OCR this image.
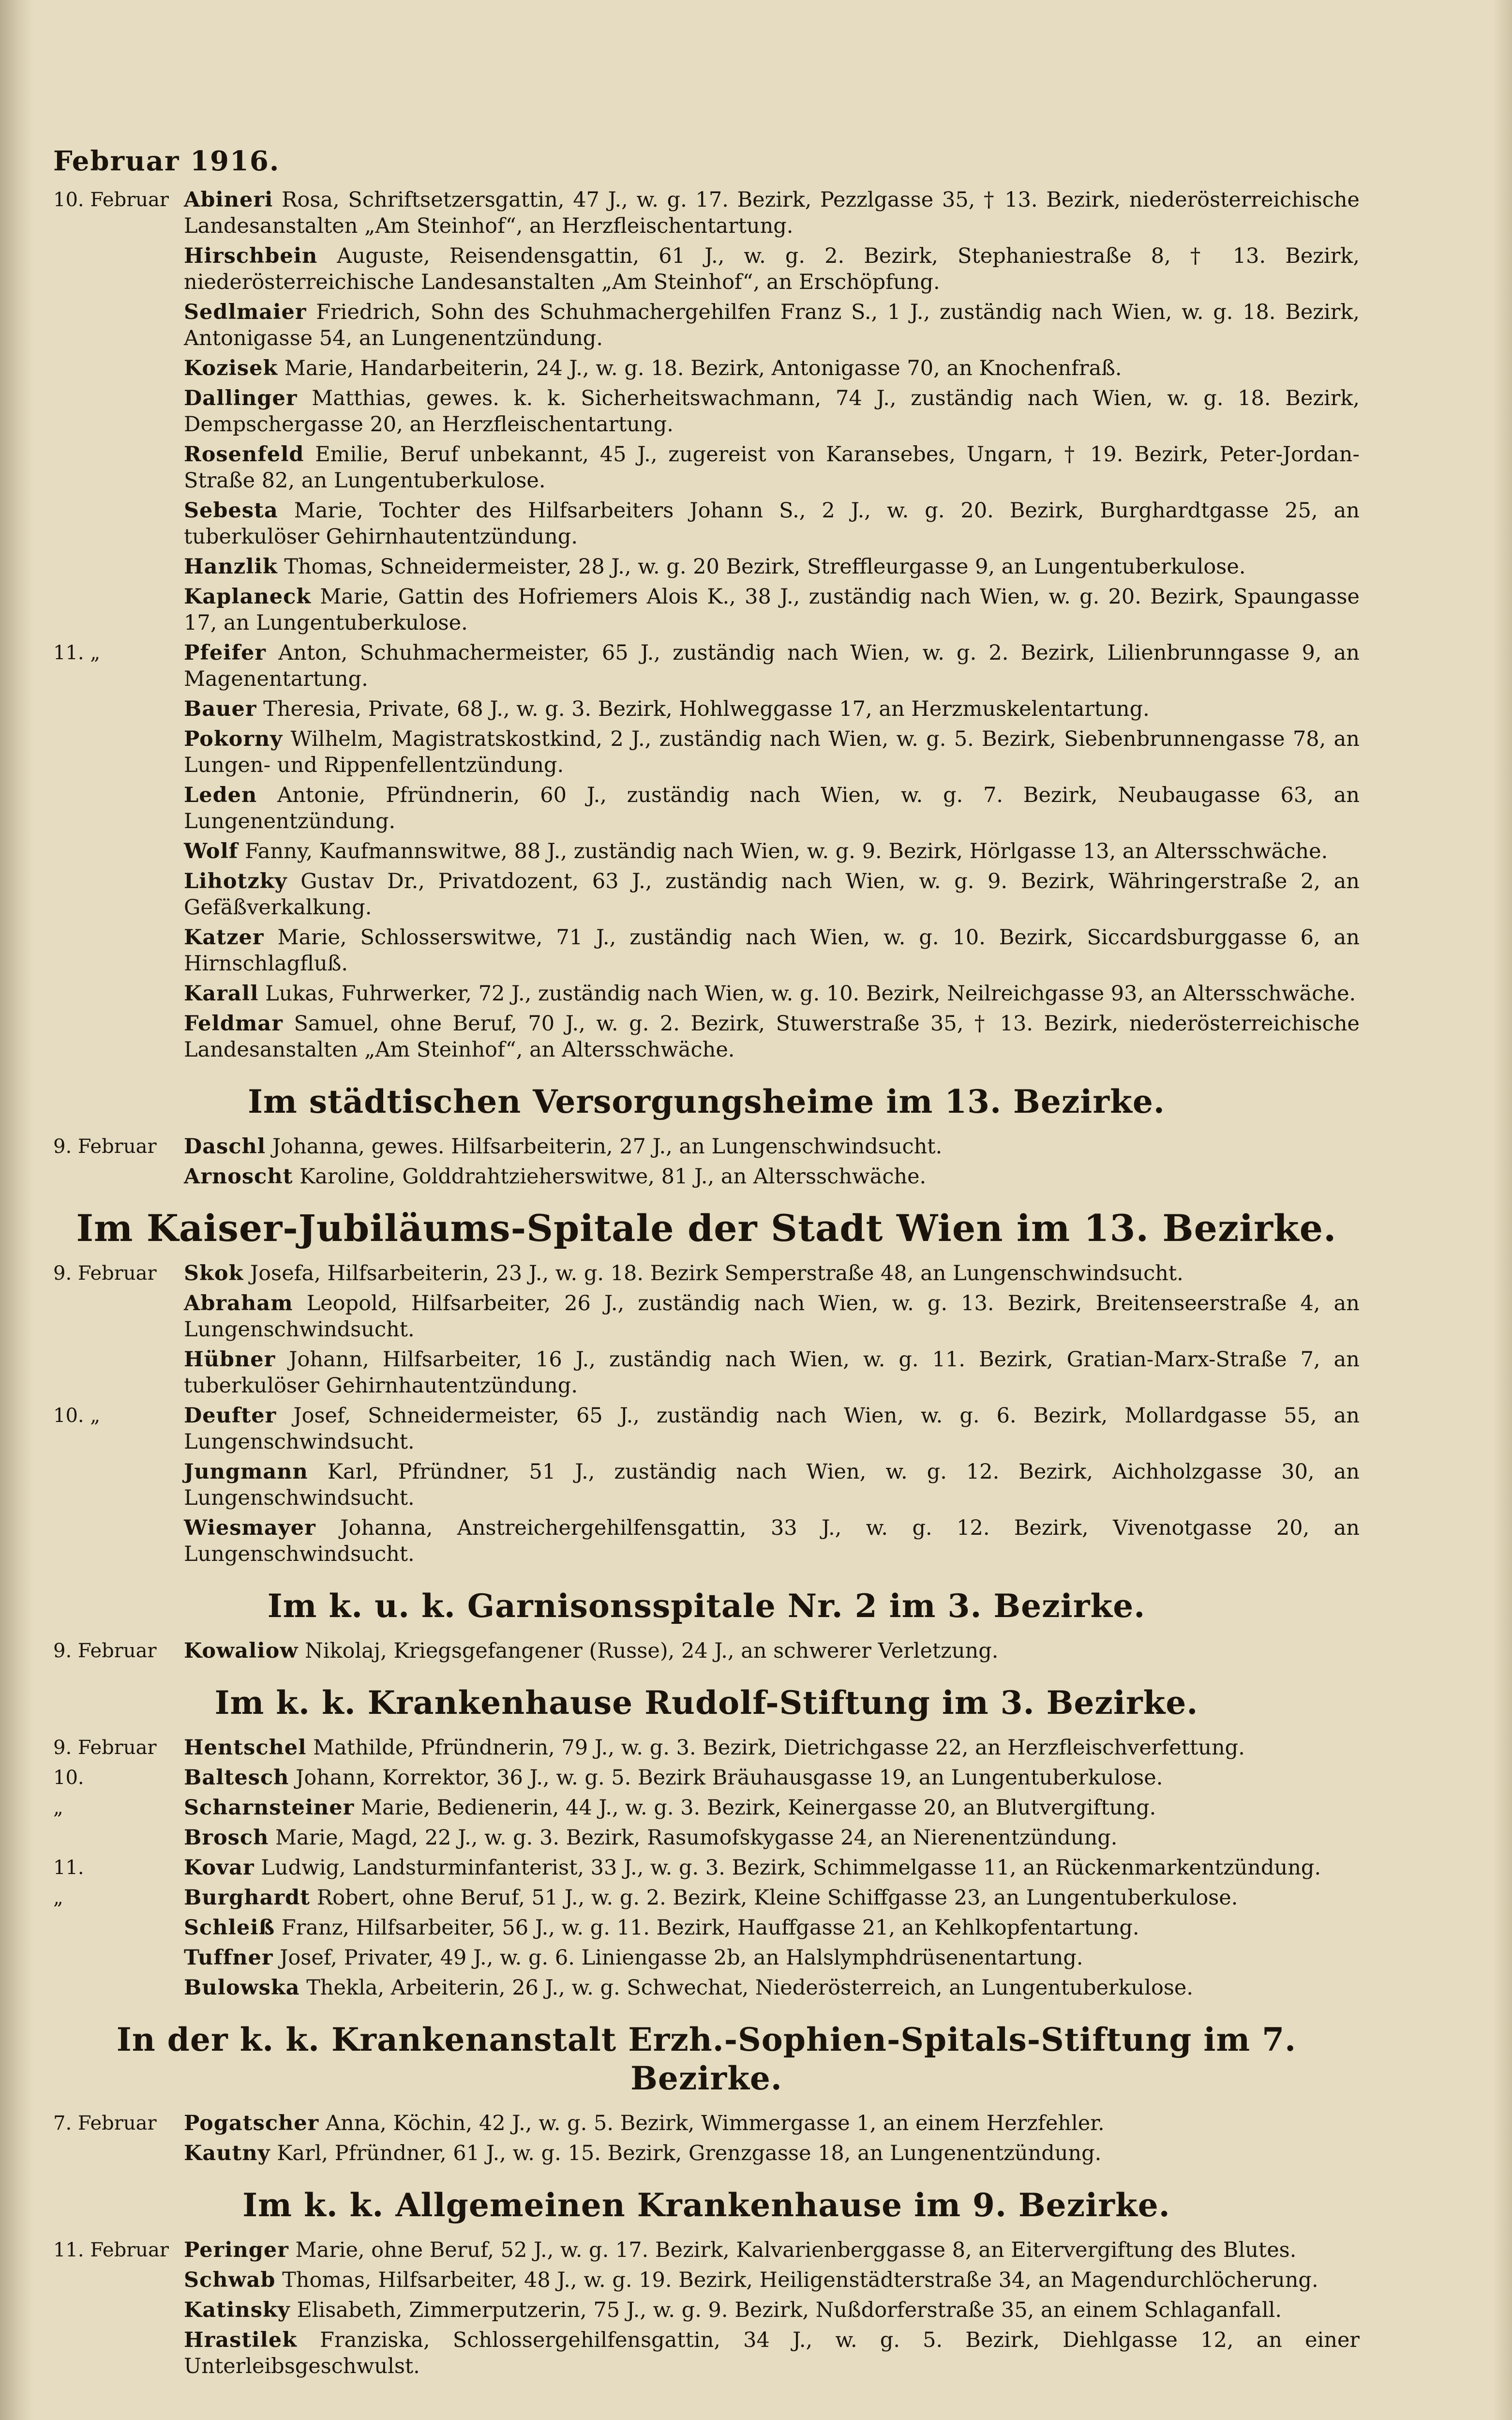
Februar 1916.
10. Februar Abineri Rosa, Schriftsetzersgattin, 47 J., w. g. 17. Bezirk, Pezzlgasse 35, † 13. Bezirk, niederösterreichische Landesanstalten „Am Steinhof“, an Herzfleischentartung.
Hirschbein Auguste, Reisendensgattin, 61 J., w. g. 2. Bezirk, Stephaniestraße 8, † 13. Bezirk, niederösterreichische Landesanstalten „Am Steinhof“, an Erschöpfung.
Sedlmaier Friedrich, Sohn des Schuhmachergehilfen Franz S., 1 J., zuständig nach Wien, w. g. 18. Bezirk, Antonigasse 54, an Lungenentzündung.
Kozisek Marie, Handarbeiterin, 24 J., w. g. 18. Bezirk, Antonigasse 70, an Knochenfraß.
Dallinger Matthias, gewes. k. k. Sicherheitswachmann, 74 J., zuständig nach Wien, w. g. 18. Bezirk, Dempschergasse 20, an Herzfleischentartung.
Rosenfeld Emilie, Beruf unbekannt, 45 J., zugereist von Karansebes, Ungarn, † 19. Bezirk, Peter-Jordan-Straße 82, an Lungentuberkulose.
Sebesta Marie, Tochter des Hilfsarbeiters Johann S., 2 J., w. g. 20. Bezirk, Burghardtgasse 25, an tuberkulöser Gehirnhautentzündung.
Hanzlik Thomas, Schneidermeister, 28 J., w. g. 20 Bezirk, Streffleurgasse 9, an Lungentuberkulose.
Kaplaneck Marie, Gattin des Hofriemers Alois K., 38 J., zuständig nach Wien, w. g. 20. Bezirk, Spaungasse 17, an Lungentuberkulose.
11. „	Pfeifer Anton, Schuhmachermeister, 65 J., zuständig nach Wien, w. g. 2. Bezirk, Lilienbrunngasse 9, an Magenentartung.
Bauer Theresia, Private, 68 J., w. g. 3. Bezirk, Hohlweggasse 17, an Herzmuskelentartung.
Pokorny Wilhelm, Magistratskostkind, 2 J., zuständig nach Wien, w. g. 5. Bezirk, Siebenbrunnengasse 78, an Lungen- und Rippenfellentzündung.
Leden Antonie, Pfründnerin, 60 J., zuständig nach Wien, w. g. 7. Bezirk, Neubaugasse 63, an Lungenentzündung.
Wolf Fanny, Kaufmannswitwe, 88 J., zuständig nach Wien, w. g. 9. Bezirk, Hörlgasse 13, an Altersschwäche.
Lihotzky Gustav Dr., Privatdozent, 63 J., zuständig nach Wien, w. g. 9. Bezirk, Währingerstraße 2, an Gefäßverkalkung.
Katzer Marie, Schlosserswitwe, 71 J., zuständig nach Wien, w. g. 10. Bezirk, Siccardsburggasse 6, an Hirnschlagfluß.
Karall Lukas, Fuhrwerker, 72 J., zuständig nach Wien, w. g. 10. Bezirk, Neilreichgasse 93, an Altersschwäche.
Feldmar Samuel, ohne Beruf, 70 J., w. g. 2. Bezirk, Stuwerstraße 35, † 13. Bezirk, niederösterreichische Landesanstalten „Am Steinhof“, an Altersschwäche.
Im städtischen Versorgungsheime im 13. Bezirke.
9. Februar	Daschl Johanna, gewes. Hilfsarbeiterin, 27 J., an Lungenschwindsucht.
Arnoscht Karoline, Golddrahtzieherswitwe, 81 J., an Altersschwäche.
Im Kaiser-Jubiläums-Spitale der Stadt Wien im 13. Bezirke.
9. Februar	Skok Josefa, Hilfsarbeiterin, 23 J., w. g. 18. Bezirk Semperstraße 48, an Lungenschwindsucht.
Abraham Leopold, Hilfsarbeiter, 26 J., zuständig nach Wien, w. g. 13. Bezirk, Breitenseerstraße 4, an Lungenschwindsucht.
Hübner Johann, Hilfsarbeiter, 16 J., zuständig nach Wien, w. g. 11. Bezirk, Gratian-Marx-Straße 7, an tuberkulöser Gehirnhautentzündung.
10. „	Deufter Josef, Schneidermeister, 65 J., zuständig nach Wien, w. g. 6. Bezirk, Mollardgasse 55, an Lungenschwindsucht.
Jungmann Karl, Pfründner, 51 J., zuständig nach Wien, w. g. 12. Bezirk, Aichholzgasse 30, an Lungenschwindsucht.
Wiesmayer Johanna, Anstreichergehilfensgattin, 33 J., w. g. 12. Bezirk, Vivenotgasse 20, an Lungenschwindsucht.
Im k. u. k. Garnisonsspitale Nr. 2 im 3. Bezirke.
9. Februar	Kowaliow Nikolaj, Kriegsgefangener (Russe), 24 J., an schwerer Verletzung.
Im k. k. Krankenhause Rudolf-Stiftung im 3. Bezirke.
9. Februar	Hentschel Mathilde, Pfründnerin, 79 J., w. g. 3. Bezirk, Dietrichgasse 22, an Herzfleischverfettung.
10.	Baltesch Johann, Korrektor, 36 J., w. g. 5. Bezirk Bräuhausgasse 19, an Lungentuberkulose.
„	Scharnsteiner Marie, Bedienerin, 44 J., w. g. 3. Bezirk, Keinergasse 20, an Blutvergiftung.
Brosch Marie, Magd, 22 J., w. g. 3. Bezirk, Rasumofskygasse 24, an Nierenentzündung.
11.	Kovar Ludwig, Landsturminfanterist, 33 J., w. g. 3. Bezirk, Schimmelgasse 11, an Rückenmarkentzündung.
„	Burghardt Robert, ohne Beruf, 51 J., w. g. 2. Bezirk, Kleine Schiffgasse 23, an Lungentuberkulose.
Schleiß Franz, Hilfsarbeiter, 56 J., w. g. 11. Bezirk, Hauffgasse 21, an Kehlkopfentartung.
Tuffner Josef, Privater, 49 J., w. g. 6. Liniengasse 2b, an Halslymphdrüsenentartung.
Bulowska Thekla, Arbeiterin, 26 J., w. g. Schwechat, Niederösterreich, an Lungentuberkulose.
In der k. k. Krankenanstalt Erzh.-Sophien-Spitals-Stiftung im 7. Bezirke.
7. Februar	Pogatscher Anna, Köchin, 42 J., w. g. 5. Bezirk, Wimmergasse 1, an einem Herzfehler.
Kautny Karl, Pfründner, 61 J., w. g. 15. Bezirk, Grenzgasse 18, an Lungenentzündung.
Im k. k. Allgemeinen Krankenhause im 9. Bezirke.
11. Februar Peringer Marie, ohne Beruf, 52 J., w. g. 17. Bezirk, Kalvarienberggasse 8, an Eitervergiftung des Blutes.
Schwab Thomas, Hilfsarbeiter, 48 J., w. g. 19. Bezirk, Heiligenstädterstraße 34, an Magendurchlöcherung.
Katinsky Elisabeth, Zimmerputzerin, 75 J., w. g. 9. Bezirk, Nußdorferstraße 35, an einem Schlaganfall.
Hrastilek Franziska, Schlossergehilfensgattin, 34 J., w. g. 5. Bezirk, Diehlgasse 12, an einer Unterleibsgeschwulst.
